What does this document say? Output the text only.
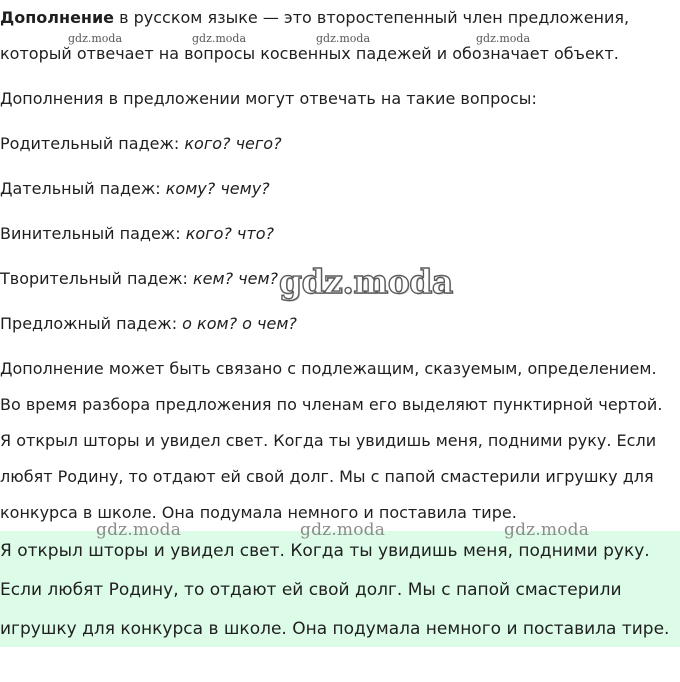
Дополнение в русском языке — это второстепенный член предложения,
который отвечает на вопросы косвенных падежей и обозначает объект.
Дополнения в предложении могут отвечать на такие вопросы:
Родительный падеж: кого? чего?
Дательный падеж: кому? чему?
Винительный падеж: кого? что?
Творительный падеж: кем? чем?
Предложный падеж: о ком? о чем?
Дополнение может быть связано с подлежащим, сказуемым, определением.
Во время разбора предложения по членам его выделяют пунктирной чертой.
Я открыл шторы и увидел свет. Когда ты увидишь меня, подними руку. Если
любят Родину, то отдают ей свой долг. Мы с папой смастерили игрушку для
конкурса в школе. Она подумала немного и поставила тире.
Я открыл шторы и увидел свет. Когда ты увидишь меня, подними руку.
Если любят Родину, то отдают ей свой долг. Мы с папой смастерили
игрушку для конкурса в школе. Она подумала немного и поставила тире.
gdz.moda	gdz.moda	gdz.moda	gdz.moda
gdz.moda
gdz.moda	gdz.moda	gdz.moda
